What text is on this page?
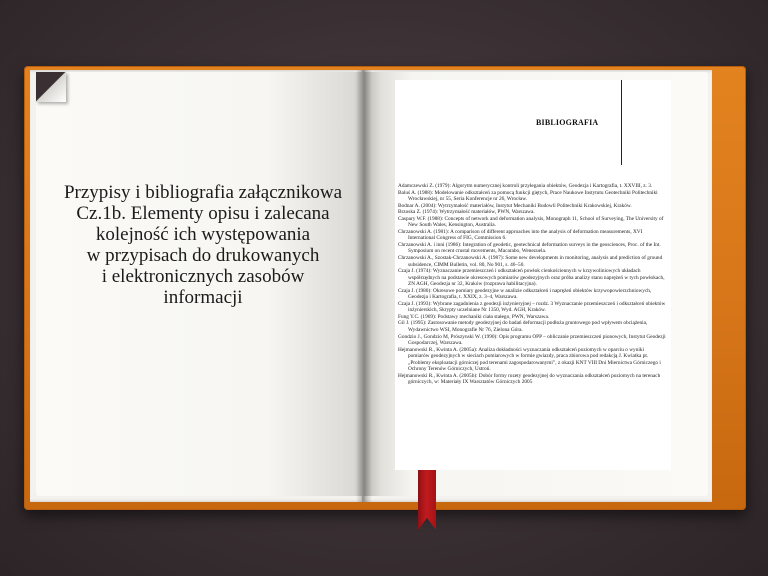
Przypisy i bibliografia załącznikowa
Cz.1b. Elementy opisu i zalecana
kolejność ich występowania
w przypisach do drukowanych
i elektronicznych zasobów
informacji
BIBLIOGRAFIA
Adamczewski Z. (1979): Algorytm numerycznej kontroli przyłegania obiektów, Geodezja i Kartografia, t. XXVIII, z. 3.
Baluś A. (1988): Modelowanie odkształceń za pomocą funkcji giętych, Prace Naukowe Instytutu Geotechniki Politechniki Wrocławskiej, nr 55, Seria Konferencje nr 26, Wrocław.
Bodnar A. (2004): Wytrzymałość materiałów, Instytut Mechaniki Budowli Politechniki Krakowskiej, Kraków.
Brzoska Z. (1974): Wytrzymałość materiałów, PWN, Warszawa.
Caspary W.F. (1988): Concepts of network and deformation analysis, Monograph 11, School of Surveying, The University of New South Wales, Kensington, Australia.
Chrzanowski A. (1981): A comparison of different approaches into the analysis of deformation measurements, XVI International Congress of FIG, Commission 6.
Chrzanowski A. i inni (1986): Integration of geodetic, geotechnical deformation surveys in the geosciences, Proc. of the Int. Symposium on recent crustal movements, Macarabo, Wenezuela.
Chrzanowski A., Szostak-Chrzanowski A. (1987): Some new developments in monitoring, analysis and prediction of ground subsidence, CIMM Bulletin, vol. 80, No 901, s. 46–50.
Czaja J. (1974): Wyznaczanie przemieszczeń i odkształceń powłok cienkościennych w krzywoliniowych układach współrzędnych na podstawie okresowych pomiarów geodezyjnych oraz próba analizy stanu naprężeń w tych powłokach, ZN AGH, Geodezja nr 32, Kraków (rozprawa habilitacyjna).
Czaja J. (1980): Okresowe pomiary geodezyjne w analizie odkształceń i naprężeń obiektów krzywopowierzchniowych, Geodezja i Kartografia, t. XXIX, z. 3–4, Warszawa.
Czaja J. (1993): Wybrane zagadnienia z geodezji inżynieryjnej – rozdz. 3 Wyznaczanie przemieszczeń i odkształceń obiektów inżynierskich, Skrypty uczelniane Nr 1350, Wyd. AGH, Kraków.
Fung Y.C. (1969): Podstawy mechaniki ciała stałego, PWN, Warszawa.
Gil J. (1995): Zastosowanie metody geodezyjnej do badań deformacji podłoża gruntowego pod wpływem obciążenia, Wydawnictwo WSI, Monografie Nr 76, Zielona Góra.
Gondzio J., Gondzio M, Prószynski W. (1990): Opis programu OPP – obliczanie przemieszczeń pionowych, Instytut Geodezji Gospodarczej, Warszawa.
Hejmanowski R., Kwinta A. (2005a): Analiza dokładności wyznaczania odkształceń poziomych w oparciu o wyniki pomiarów geodezyjnych w sieciach pomiarowych w formie gwiazdy, praca zbiorowa pod redakcją J. Kwiatka pt. „Problemy eksploatacji górniczej pod terenami zagospodarowanymi”, z okazji KNT VIII Dni Miernictwa Górniczego i Ochrony Terenów Górniczych, Ustroń.
Hejmanowski R., Kwinta A. (2005b): Dobór formy rozety geodezyjnej do wyznaczania odkształceń poziomych na terenach górniczych, w: Materiały IX Warsztatów Górniczych 2005
